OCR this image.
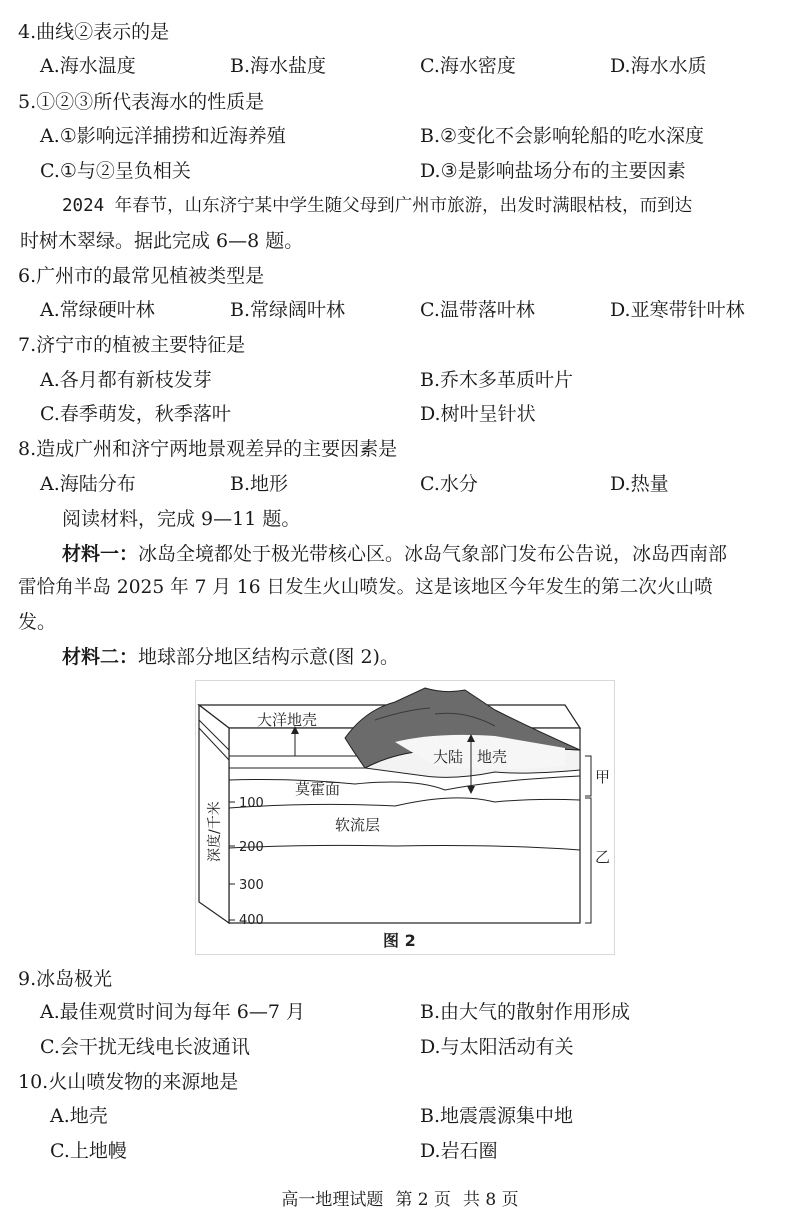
4.曲线②表示的是
A.海水温度	B.海水盐度	C.海水密度	D.海水水质
5.①②③所代表海水的性质是
A.①影响远洋捕捞和近海养殖	B.②变化不会影响轮船的吃水深度
C.①与②呈负相关	D.③是影响盐场分布的主要因素
2024 年春节，山东济宁某中学生随父母到广州市旅游，出发时满眼枯枝，而到达
时树木翠绿。据此完成 6—8 题。
6.广州市的最常见植被类型是
A.常绿硬叶林	B.常绿阔叶林	C.温带落叶林	D.亚寒带针叶林
7.济宁市的植被主要特征是
A.各月都有新枝发芽	B.乔木多革质叶片
C.春季萌发，秋季落叶	D.树叶呈针状
8.造成广州和济宁两地景观差异的主要因素是
A.海陆分布	B.地形	C.水分	D.热量
阅读材料，完成 9—11 题。
材料一：冰岛全境都处于极光带核心区。冰岛气象部门发布公告说，冰岛西南部
雷恰角半岛 2025 年 7 月 16 日发生火山喷发。这是该地区今年发生的第二次火山喷
发。
材料二：地球部分地区结构示意(图 2)。
大洋地壳
大陆 地壳
莫霍面
软流层
深度/千米
甲
乙
100
200
300
400
图 2
9.冰岛极光
A.最佳观赏时间为每年 6—7 月	B.由大气的散射作用形成
C.会干扰无线电长波通讯	D.与太阳活动有关
10.火山喷发物的来源地是
A.地壳	B.地震震源集中地
C.上地幔	D.岩石圈
高一地理试题 第 2 页 共 8 页
